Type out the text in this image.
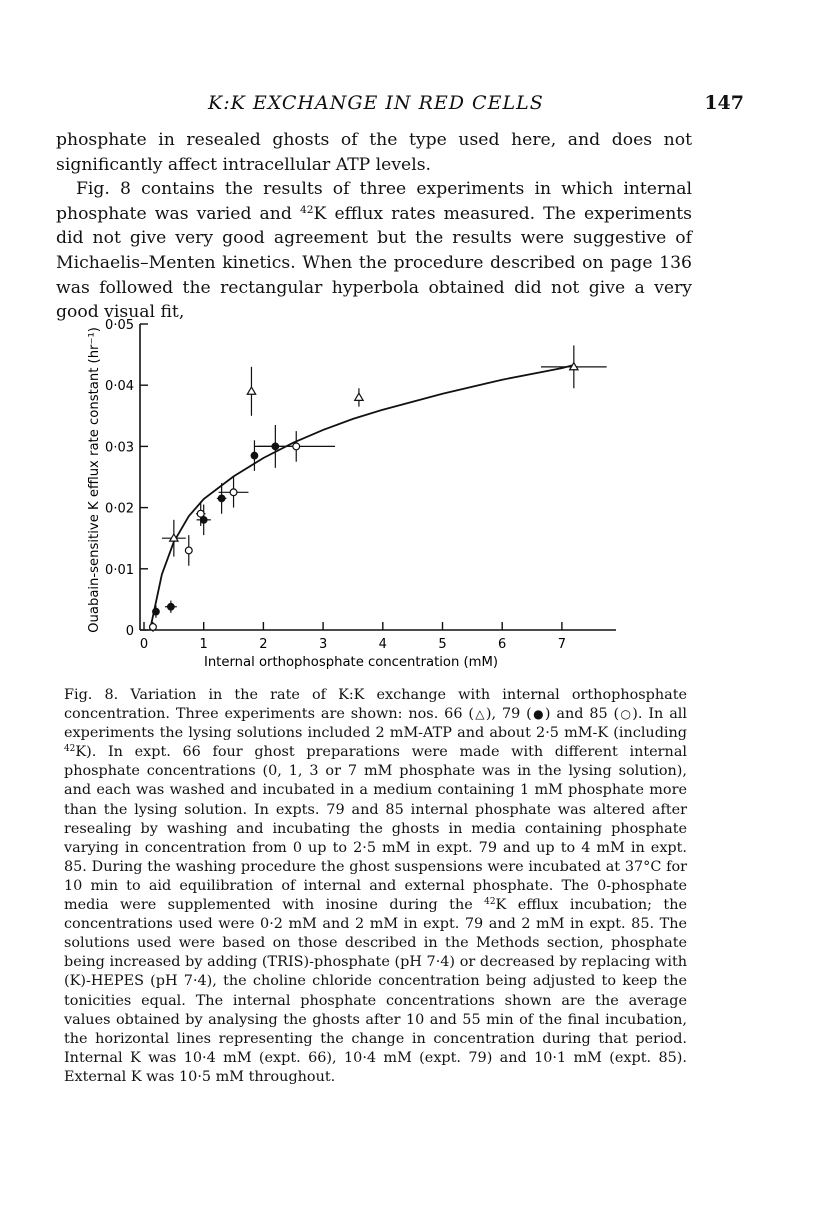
K:K EXCHANGE IN RED CELLS	147

phosphate in resealed ghosts of the type used here, and does not significantly affect intracellular ATP levels.

Fig. 8 contains the results of three experiments in which internal phosphate was varied and $^{42}$K efflux rates measured. The experiments did not give very good agreement but the results were suggestive of Michaelis–Menten kinetics. When the procedure described on page 136 was followed the rectangular hyperbola obtained did not give a very good visual fit,

0
0·01
0·02
0·03
0·04
0·05
0	1	2	3	4	5	6	7
Ouabain-sensitive K efflux rate constant (hr⁻¹)
Internal orthophosphate concentration (mM)

Fig. 8. Variation in the rate of K:K exchange with internal orthophosphate concentration. Three experiments are shown: nos. 66 (△), 79 (●) and 85 (○). In all experiments the lysing solutions included 2 mM-ATP and about 2·5 mM-K (including $^{42}$K). In expt. 66 four ghost preparations were made with different internal phosphate concentrations (0, 1, 3 or 7 mM phosphate was in the lysing solution), and each was washed and incubated in a medium containing 1 mM phosphate more than the lysing solution. In expts. 79 and 85 internal phosphate was altered after resealing by washing and incubating the ghosts in media containing phosphate varying in concentration from 0 up to 2·5 mM in expt. 79 and up to 4 mM in expt. 85. During the washing procedure the ghost suspensions were incubated at 37°C for 10 min to aid equilibration of internal and external phosphate. The 0-phosphate media were supplemented with inosine during the $^{42}$K efflux incubation; the concentrations used were 0·2 mM and 2 mM in expt. 79 and 2 mM in expt. 85. The solutions used were based on those described in the Methods section, phosphate being increased by adding (TRIS)-phosphate (pH 7·4) or decreased by replacing with (K)-HEPES (pH 7·4), the choline chloride concentration being adjusted to keep the tonicities equal. The internal phosphate concentrations shown are the average values obtained by analysing the ghosts after 10 and 55 min of the final incubation, the horizontal lines representing the change in concentration during that period. Internal K was 10·4 mM (expt. 66), 10·4 mM (expt. 79) and 10·1 mM (expt. 85). External K was 10·5 mM throughout.
